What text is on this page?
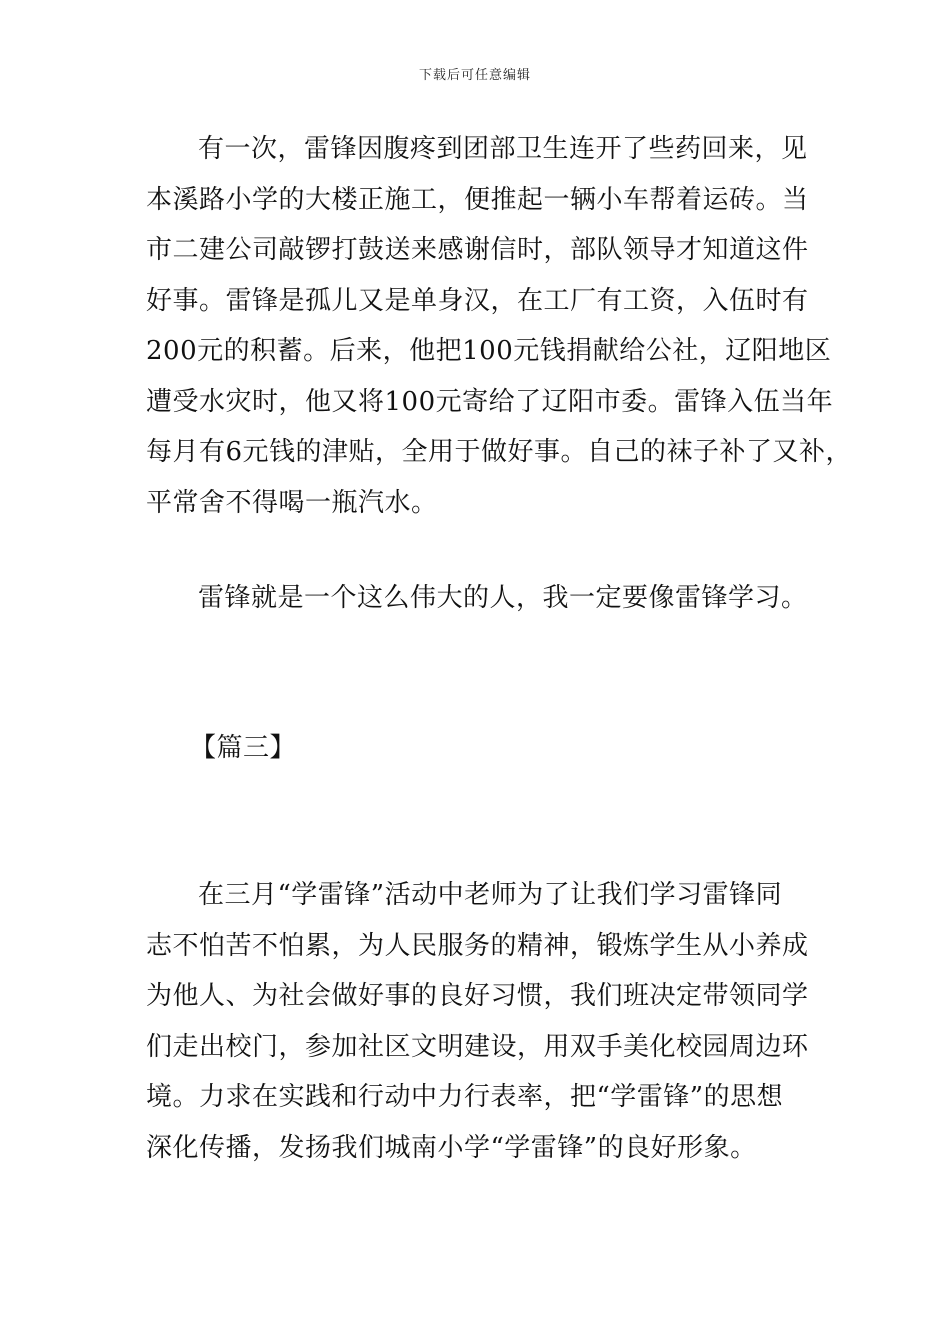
下载后可任意编辑
有一次，雷锋因腹疼到团部卫生连开了些药回来，见
本溪路小学的大楼正施工，便推起一辆小车帮着运砖。当
市二建公司敲锣打鼓送来感谢信时，部队领导才知道这件
好事。雷锋是孤儿又是单身汉，在工厂有工资，入伍时有
200元的积蓄。后来，他把100元钱捐献给公社，辽阳地区
遭受水灾时，他又将100元寄给了辽阳市委。雷锋入伍当年
每月有6元钱的津贴，全用于做好事。自己的袜子补了又补，
平常舍不得喝一瓶汽水。
雷锋就是一个这么伟大的人，我一定要像雷锋学习。
【篇三】
在三月“学雷锋”活动中老师为了让我们学习雷锋同
志不怕苦不怕累，为人民服务的精神，锻炼学生从小养成
为他人、为社会做好事的良好习惯，我们班决定带领同学
们走出校门，参加社区文明建设，用双手美化校园周边环
境。力求在实践和行动中力行表率，把“学雷锋”的思想
深化传播，发扬我们城南小学“学雷锋”的良好形象。
